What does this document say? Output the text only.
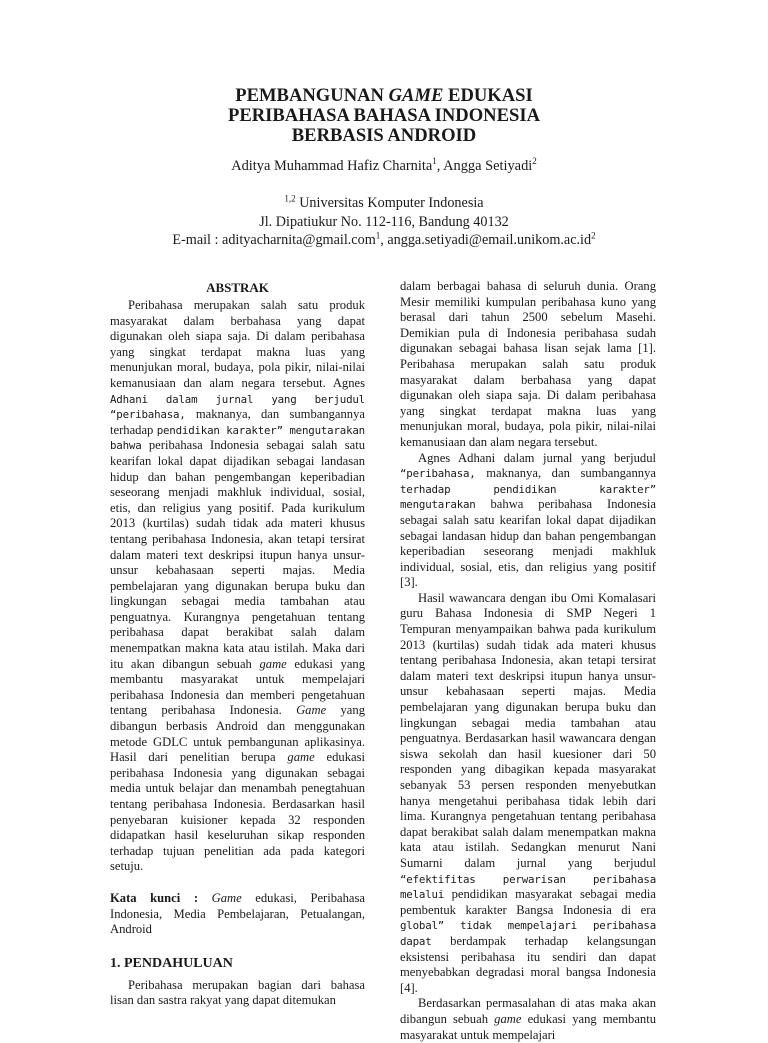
PEMBANGUNAN GAME EDUKASI
PERIBAHASA BAHASA INDONESIA
BERBASIS ANDROID
Aditya Muhammad Hafiz Charnita$^1$, Angga Setiyadi$^2$
$^{1,2}$ Universitas Komputer Indonesia
Jl. Dipatiukur No. 112-116, Bandung 40132
E-mail : adityacharnita@gmail.com$^1$, $angga.setiyadi@email.unikom.ac.id^2$
ABSTRAK

Peribahasa merupakan salah satu produk masyarakat dalam berbahasa yang dapat digunakan oleh siapa saja. Di dalam peribahasa yang singkat terdapat makna luas yang menunjukan moral, budaya, pola pikir, nilai-nilai kemanusiaan dan alam negara tersebut. Agnes Adhani dalam jurnal yang berjudul “peribahasa, maknanya, dan sumbangannya terhadap pendidikan karakter” mengutarakan bahwa peribahasa Indonesia sebagai salah satu kearifan lokal dapat dijadikan sebagai landasan hidup dan bahan pengembangan keperibadian seseorang menjadi makhluk individual, sosial, etis, dan religius yang positif. Pada kurikulum 2013 (kurtilas) sudah tidak ada materi khusus tentang peribahasa Indonesia, akan tetapi tersirat dalam materi text deskripsi itupun hanya unsur-unsur kebahasaan seperti majas. Media pembelajaran yang digunakan berupa buku dan lingkungan sebagai media tambahan atau penguatnya. Kurangnya pengetahuan tentang peribahasa dapat berakibat salah dalam menempatkan makna kata atau istilah. Maka dari itu akan dibangun sebuah game edukasi yang membantu masyarakat untuk mempelajari peribahasa Indonesia dan memberi pengetahuan tentang peribahasa Indonesia. Game yang dibangun berbasis Android dan menggunakan metode GDLC untuk pembangunan aplikasinya. Hasil dari penelitian berupa game edukasi peribahasa Indonesia yang digunakan sebagai media untuk belajar dan menambah penegtahuan tentang peribahasa Indonesia. Berdasarkan hasil penyebaran kuisioner kepada 32 responden didapatkan hasil keseluruhan sikap responden terhadap tujuan penelitian ada pada kategori setuju.

Kata kunci : Game edukasi, Peribahasa Indonesia, Media Pembelajaran, Petualangan, Android

1. PENDAHULUAN

Peribahasa merupakan bagian dari bahasa lisan dan sastra rakyat yang dapat ditemukan

dalam berbagai bahasa di seluruh dunia. Orang Mesir memiliki kumpulan peribahasa kuno yang berasal dari tahun 2500 sebelum Masehi. Demikian pula di Indonesia peribahasa sudah digunakan sebagai bahasa lisan sejak lama [1]. Peribahasa merupakan salah satu produk masyarakat dalam berbahasa yang dapat digunakan oleh siapa saja. Di dalam peribahasa yang singkat terdapat makna luas yang menunjukan moral, budaya, pola pikir, nilai-nilai kemanusiaan dan alam negara tersebut.

Agnes Adhani dalam jurnal yang berjudul “peribahasa, maknanya, dan sumbangannya terhadap pendidikan karakter” mengutarakan bahwa peribahasa Indonesia sebagai salah satu kearifan lokal dapat dijadikan sebagai landasan hidup dan bahan pengembangan keperibadian seseorang menjadi makhluk individual, sosial, etis, dan religius yang positif [3].

Hasil wawancara dengan ibu Omi Komalasari guru Bahasa Indonesia di SMP Negeri 1 Tempuran menyampaikan bahwa pada kurikulum 2013 (kurtilas) sudah tidak ada materi khusus tentang peribahasa Indonesia, akan tetapi tersirat dalam materi text deskripsi itupun hanya unsur-unsur kebahasaan seperti majas. Media pembelajaran yang digunakan berupa buku dan lingkungan sebagai media tambahan atau penguatnya. Berdasarkan hasil wawancara dengan siswa sekolah dan hasil kuesioner dari 50 responden yang dibagikan kepada masyarakat sebanyak 53 persen responden menyebutkan hanya mengetahui peribahasa tidak lebih dari lima. Kurangnya pengetahuan tentang peribahasa dapat berakibat salah dalam menempatkan makna kata atau istilah. Sedangkan menurut Nani Sumarni dalam jurnal yang berjudul “efektifitas perwarisan peribahasa melalui pendidikan masyarakat sebagai media pembentuk karakter Bangsa Indonesia di era global” tidak mempelajari peribahasa dapat berdampak terhadap kelangsungan eksistensi peribahasa itu sendiri dan dapat menyebabkan degradasi moral bangsa Indonesia [4].

Berdasarkan permasalahan di atas maka akan dibangun sebuah game edukasi yang membantu masyarakat untuk mempelajari
